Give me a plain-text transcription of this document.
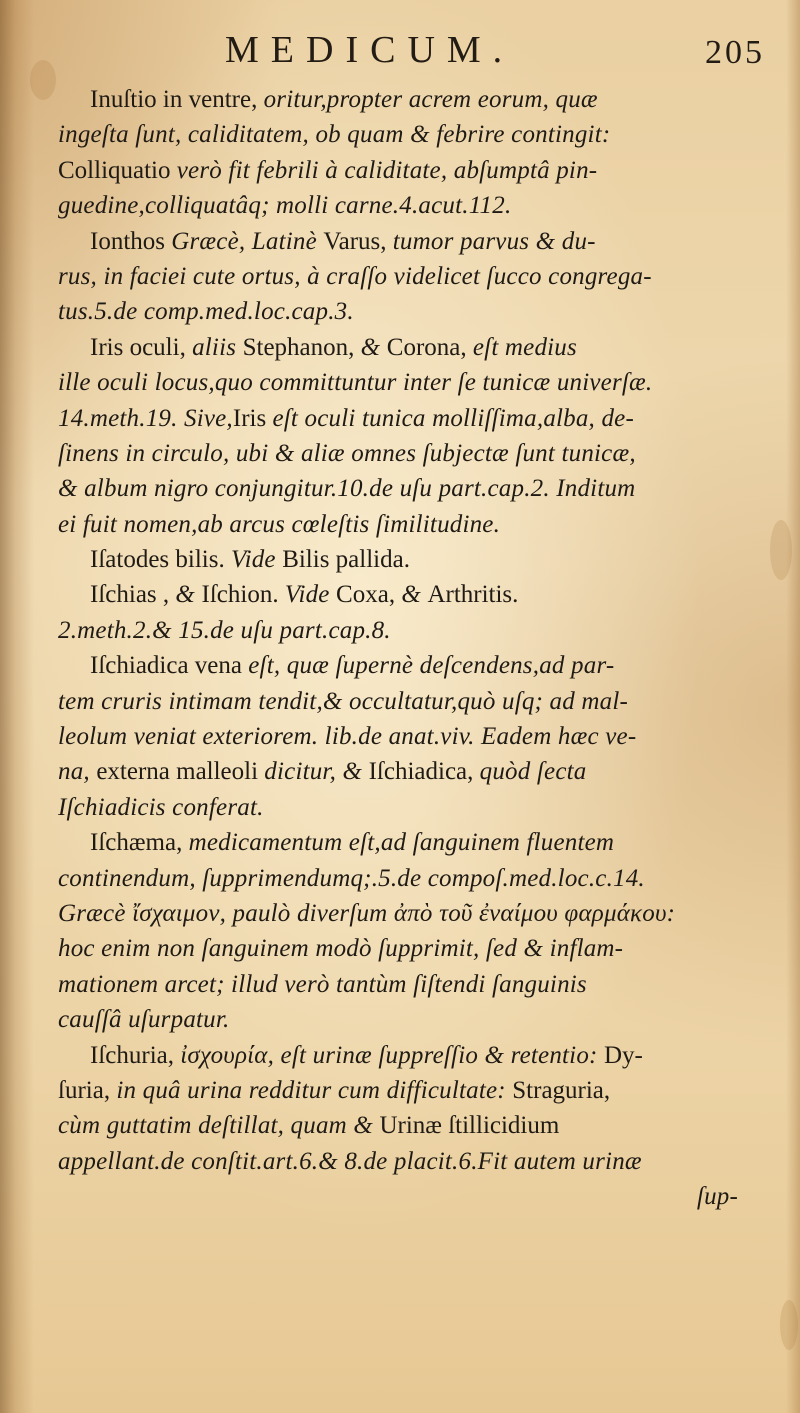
MEDICUM.	205
Inuſtio in ventre, oritur,propter acrem eorum, quæ
ingeſta ſunt, caliditatem, ob quam & febrire contingit:
Colliquatio verò fit febrili à caliditate, abſumptâ pin-
guedine,colliquatâq; molli carne.4.acut.112.
Ionthos Græcè, Latinè Varus, tumor parvus & du-
rus, in faciei cute ortus, à craſſo videlicet ſucco congrega-
tus.5.de comp.med.loc.cap.3.
Iris oculi, aliis Stephanon, & Corona, eſt medius
ille oculi locus,quo committuntur inter ſe tunicæ univerſæ.
14.meth.19. Sive,Iris eſt oculi tunica molliſſima,alba, de-
ſinens in circulo, ubi & aliæ omnes ſubjectæ ſunt tunicæ,
& album nigro conjungitur.10.de uſu part.cap.2. Inditum
ei fuit nomen,ab arcus cœleſtis ſimilitudine.
Iſatodes bilis. Vide Bilis pallida.
Iſchias , & Iſchion. Vide Coxa, & Arthritis.
2.meth.2.& 15.de uſu part.cap.8.
Iſchiadica vena eſt, quæ ſupernè deſcendens,ad par-
tem cruris intimam tendit,& occultatur,quò uſq; ad mal-
leolum veniat exteriorem. lib.de anat.viv. Eadem hæc ve-
na, externa malleoli dicitur, & Iſchiadica, quòd ſecta
Iſchiadicis conferat.
Iſchæma, medicamentum eſt,ad ſanguinem fluentem
continendum, ſupprimendumq;.5.de compoſ.med.loc.c.14.
Græcè ἴσχαιμον, paulò diverſum ἀπὸ τοῦ ἐναίμου φαρμάκου:
hoc enim non ſanguinem modò ſupprimit, ſed & inflam-
mationem arcet; illud verò tantùm ſiſtendi ſanguinis
cauſſâ uſurpatur.
Iſchuria, ἰσχουρία, eſt urinæ ſuppreſſio & retentio: Dy-
ſuria, in quâ urina redditur cum difficultate: Straguria,
cùm guttatim deſtillat, quam & Urinæ ſtillicidium
appellant.de conſtit.art.6.& 8.de placit.6.Fit autem urinæ
ſup-
